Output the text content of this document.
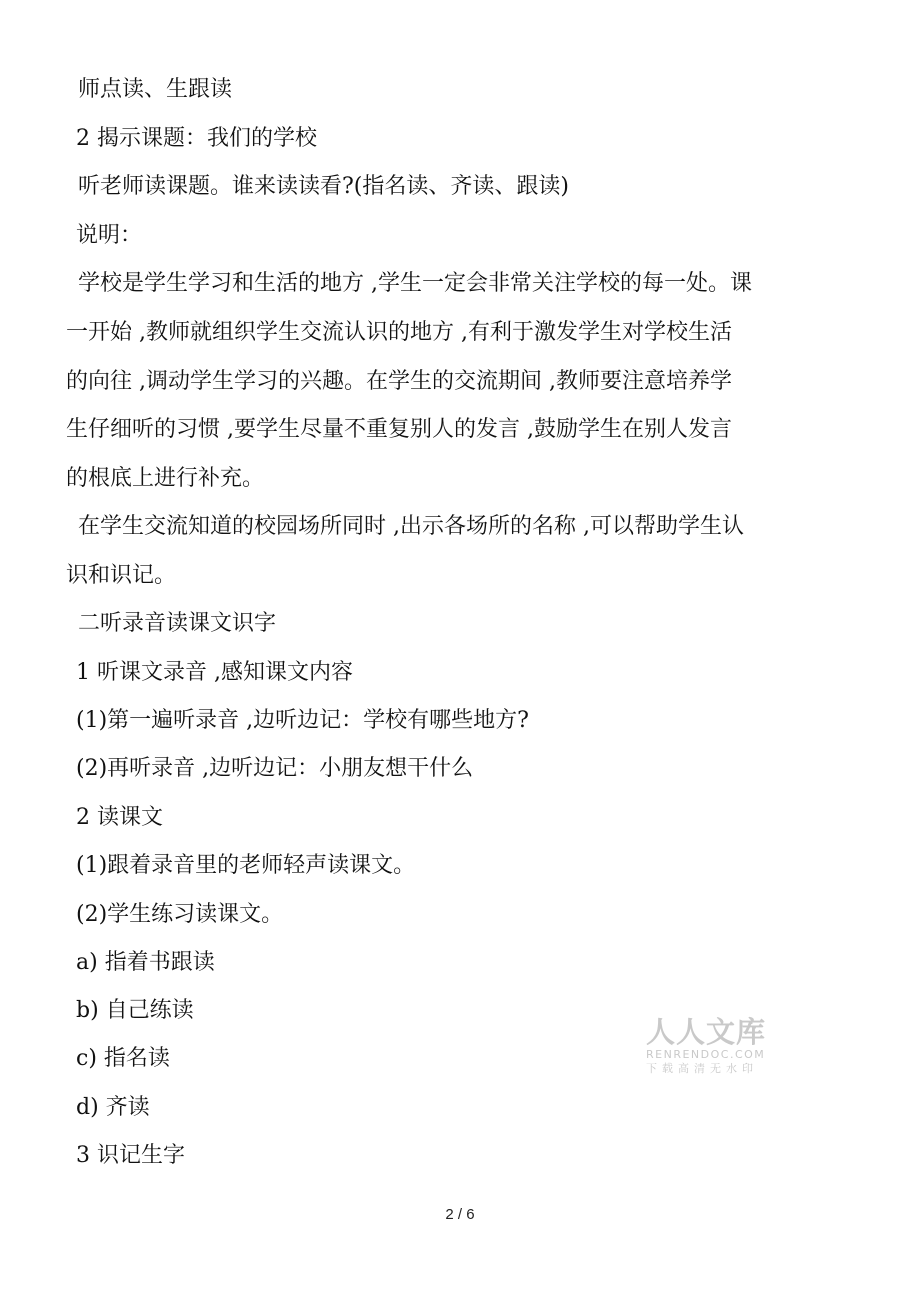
师点读、生跟读
2 揭示课题：我们的学校
听老师读课题。谁来读读看?(指名读、齐读、跟读)
说明：
学校是学生学习和生活的地方 ,学生一定会非常关注学校的每一处。课
一开始 ,教师就组织学生交流认识的地方 ,有利于激发学生对学校生活
的向往 ,调动学生学习的兴趣。在学生的交流期间 ,教师要注意培养学
生仔细听的习惯 ,要学生尽量不重复别人的发言 ,鼓励学生在别人发言
的根底上进行补充。
在学生交流知道的校园场所同时 ,出示各场所的名称 ,可以帮助学生认
识和识记。
二听录音读课文识字
1 听课文录音 ,感知课文内容
(1)第一遍听录音 ,边听边记：学校有哪些地方?
(2)再听录音 ,边听边记：小朋友想干什么
2 读课文
(1)跟着录音里的老师轻声读课文。
(2)学生练习读课文。
a) 指着书跟读
b) 自己练读
c) 指名读
d) 齐读
3 识记生字
人人文库
RENRENDOC.COM
下载高清无水印
2 / 6
